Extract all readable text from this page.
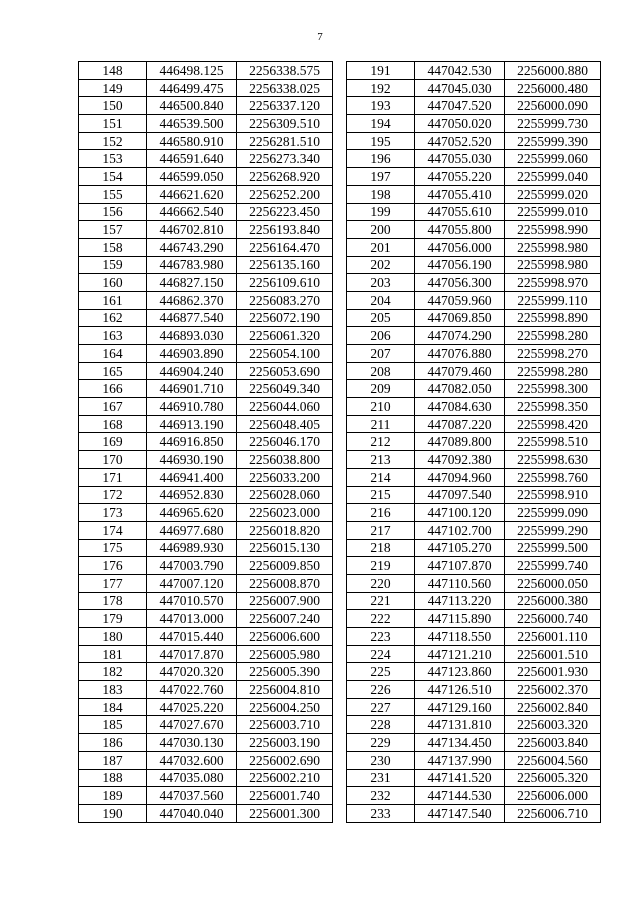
7
148	446498.125	2256338.575
149	446499.475	2256338.025
150	446500.840	2256337.120
151	446539.500	2256309.510
152	446580.910	2256281.510
153	446591.640	2256273.340
154	446599.050	2256268.920
155	446621.620	2256252.200
156	446662.540	2256223.450
157	446702.810	2256193.840
158	446743.290	2256164.470
159	446783.980	2256135.160
160	446827.150	2256109.610
161	446862.370	2256083.270
162	446877.540	2256072.190
163	446893.030	2256061.320
164	446903.890	2256054.100
165	446904.240	2256053.690
166	446901.710	2256049.340
167	446910.780	2256044.060
168	446913.190	2256048.405
169	446916.850	2256046.170
170	446930.190	2256038.800
171	446941.400	2256033.200
172	446952.830	2256028.060
173	446965.620	2256023.000
174	446977.680	2256018.820
175	446989.930	2256015.130
176	447003.790	2256009.850
177	447007.120	2256008.870
178	447010.570	2256007.900
179	447013.000	2256007.240
180	447015.440	2256006.600
181	447017.870	2256005.980
182	447020.320	2256005.390
183	447022.760	2256004.810
184	447025.220	2256004.250
185	447027.670	2256003.710
186	447030.130	2256003.190
187	447032.600	2256002.690
188	447035.080	2256002.210
189	447037.560	2256001.740
190	447040.040	2256001.300
191	447042.530	2256000.880
192	447045.030	2256000.480
193	447047.520	2256000.090
194	447050.020	2255999.730
195	447052.520	2255999.390
196	447055.030	2255999.060
197	447055.220	2255999.040
198	447055.410	2255999.020
199	447055.610	2255999.010
200	447055.800	2255998.990
201	447056.000	2255998.980
202	447056.190	2255998.980
203	447056.300	2255998.970
204	447059.960	2255999.110
205	447069.850	2255998.890
206	447074.290	2255998.280
207	447076.880	2255998.270
208	447079.460	2255998.280
209	447082.050	2255998.300
210	447084.630	2255998.350
211	447087.220	2255998.420
212	447089.800	2255998.510
213	447092.380	2255998.630
214	447094.960	2255998.760
215	447097.540	2255998.910
216	447100.120	2255999.090
217	447102.700	2255999.290
218	447105.270	2255999.500
219	447107.870	2255999.740
220	447110.560	2256000.050
221	447113.220	2256000.380
222	447115.890	2256000.740
223	447118.550	2256001.110
224	447121.210	2256001.510
225	447123.860	2256001.930
226	447126.510	2256002.370
227	447129.160	2256002.840
228	447131.810	2256003.320
229	447134.450	2256003.840
230	447137.990	2256004.560
231	447141.520	2256005.320
232	447144.530	2256006.000
233	447147.540	2256006.710
